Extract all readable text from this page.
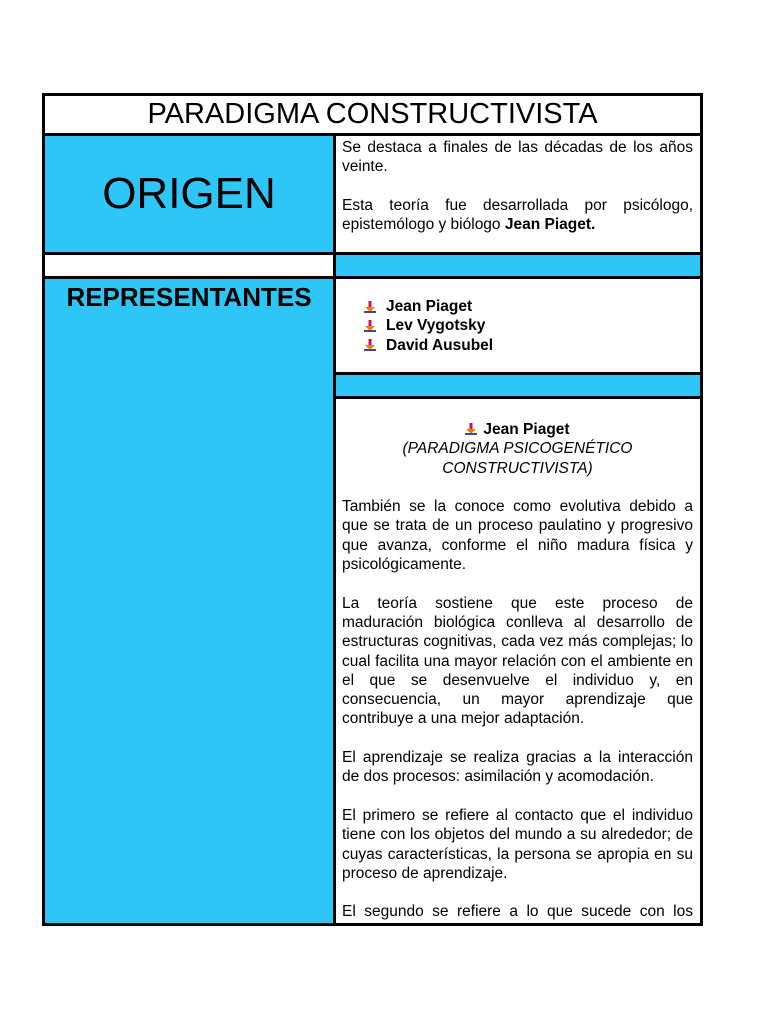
PARADIGMA CONSTRUCTIVISTA
ORIGEN

Se destaca a finales de las décadas de los años veinte.

Esta teoría fue desarrollada por psicólogo, epistemólogo y biólogo Jean Piaget.

REPRESENTANTES	Jean Piaget
Lev Vygotsky
David Ausubel
Jean Piaget

(PARADIGMA PSICOGENÉTICO CONSTRUCTIVISTA)

También se la conoce como evolutiva debido a que se trata de un proceso paulatino y progresivo que avanza, conforme el niño madura física y psicológicamente.

La teoría sostiene que este proceso de maduración biológica conlleva al desarrollo de estructuras cognitivas, cada vez más complejas; lo cual facilita una mayor relación con el ambiente en el que se desenvuelve el individuo y, en consecuencia, un mayor aprendizaje que contribuye a una mejor adaptación.

El aprendizaje se realiza gracias a la interacción de dos procesos: asimilación y acomodación.

El primero se refiere al contacto que el individuo tiene con los objetos del mundo a su alrededor; de cuyas características, la persona se apropia en su proceso de aprendizaje.

El segundo se refiere a lo que sucede con los
